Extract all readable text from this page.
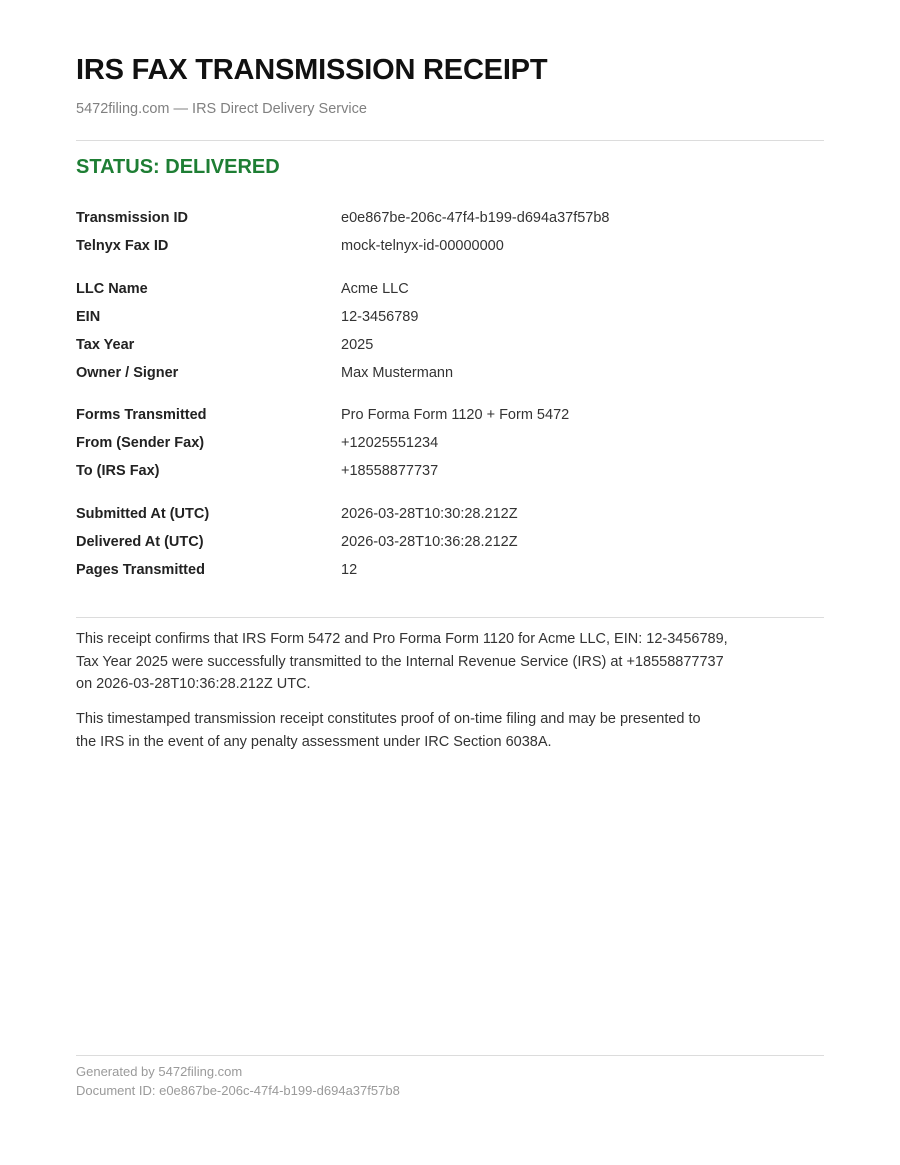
IRS FAX TRANSMISSION RECEIPT
5472filing.com — IRS Direct Delivery Service
STATUS: DELIVERED
Transmission ID	e0e867be-206c-47f4-b199-d694a37f57b8
Telnyx Fax ID	mock-telnyx-id-00000000
LLC Name	Acme LLC
EIN	12-3456789
Tax Year	2025
Owner / Signer	Max Mustermann
Forms Transmitted	Pro Forma Form 1120 + Form 5472
From (Sender Fax)	+12025551234
To (IRS Fax)	+18558877737
Submitted At (UTC)	2026-03-28T10:30:28.212Z
Delivered At (UTC)	2026-03-28T10:36:28.212Z
Pages Transmitted	12
This receipt confirms that IRS Form 5472 and Pro Forma Form 1120 for Acme LLC, EIN: 12-3456789,
Tax Year 2025 were successfully transmitted to the Internal Revenue Service (IRS) at +18558877737
on 2026-03-28T10:36:28.212Z UTC.
This timestamped transmission receipt constitutes proof of on-time filing and may be presented to
the IRS in the event of any penalty assessment under IRC Section 6038A.
Generated by 5472filing.com
Document ID: e0e867be-206c-47f4-b199-d694a37f57b8
